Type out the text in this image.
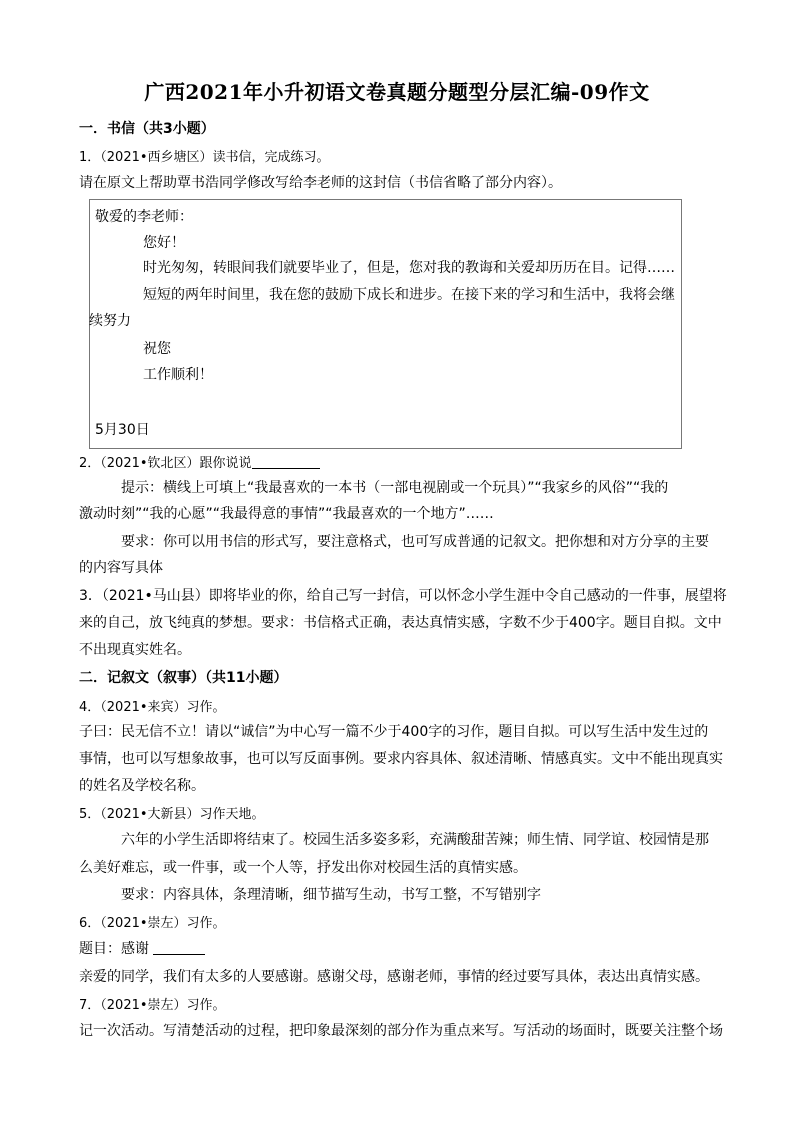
广西2021年小升初语文卷真题分题型分层汇编-09作文
一．书信（共3小题）
1．（2021•西乡塘区）读书信，完成练习。
请在原文上帮助覃书浩同学修改写给李老师的这封信（书信省略了部分内容）。
敬爱的李老师：
您好！
时光匆匆，转眼间我们就要毕业了，但是，您对我的教诲和关爱却历历在目。记得……
短短的两年时间里，我在您的鼓励下成长和进步。在接下来的学习和生活中，我将会继
续努力
祝您
工作顺利！
5月30日
2．（2021•钦北区）跟你说说
提示：横线上可填上“我最喜欢的一本书（一部电视剧或一个玩具）”“我家乡的风俗”“我的
激动时刻”“我的心愿”“我最得意的事情”“我最喜欢的一个地方”……
要求：你可以用书信的形式写，要注意格式，也可写成普通的记叙文。把你想和对方分享的主要
的内容写具体
3．（2021•马山县）即将毕业的你，给自己写一封信，可以怀念小学生涯中令自己感动的一件事，展望将
来的自己，放飞纯真的梦想。要求：书信格式正确，表达真情实感，字数不少于400字。题目自拟。文中
不出现真实姓名。
二．记叙文（叙事）（共11小题）
4．（2021•来宾）习作。
子曰：民无信不立！请以“诚信”为中心写一篇不少于400字的习作，题目自拟。可以写生活中发生过的
事情，也可以写想象故事，也可以写反面事例。要求内容具体、叙述清晰、情感真实。文中不能出现真实
的姓名及学校名称。
5．（2021•大新县）习作天地。
六年的小学生活即将结束了。校园生活多姿多彩，充满酸甜苦辣；师生情、同学谊、校园情是那
么美好难忘，或一件事，或一个人等，抒发出你对校园生活的真情实感。
要求：内容具体，条理清晰，细节描写生动，书写工整，不写错别字
6．（2021•崇左）习作。
题目：感谢
亲爱的同学，我们有太多的人要感谢。感谢父母，感谢老师，事情的经过要写具体，表达出真情实感。
7．（2021•崇左）习作。
记一次活动。写清楚活动的过程，把印象最深刻的部分作为重点来写。写活动的场面时，既要关注整个场
